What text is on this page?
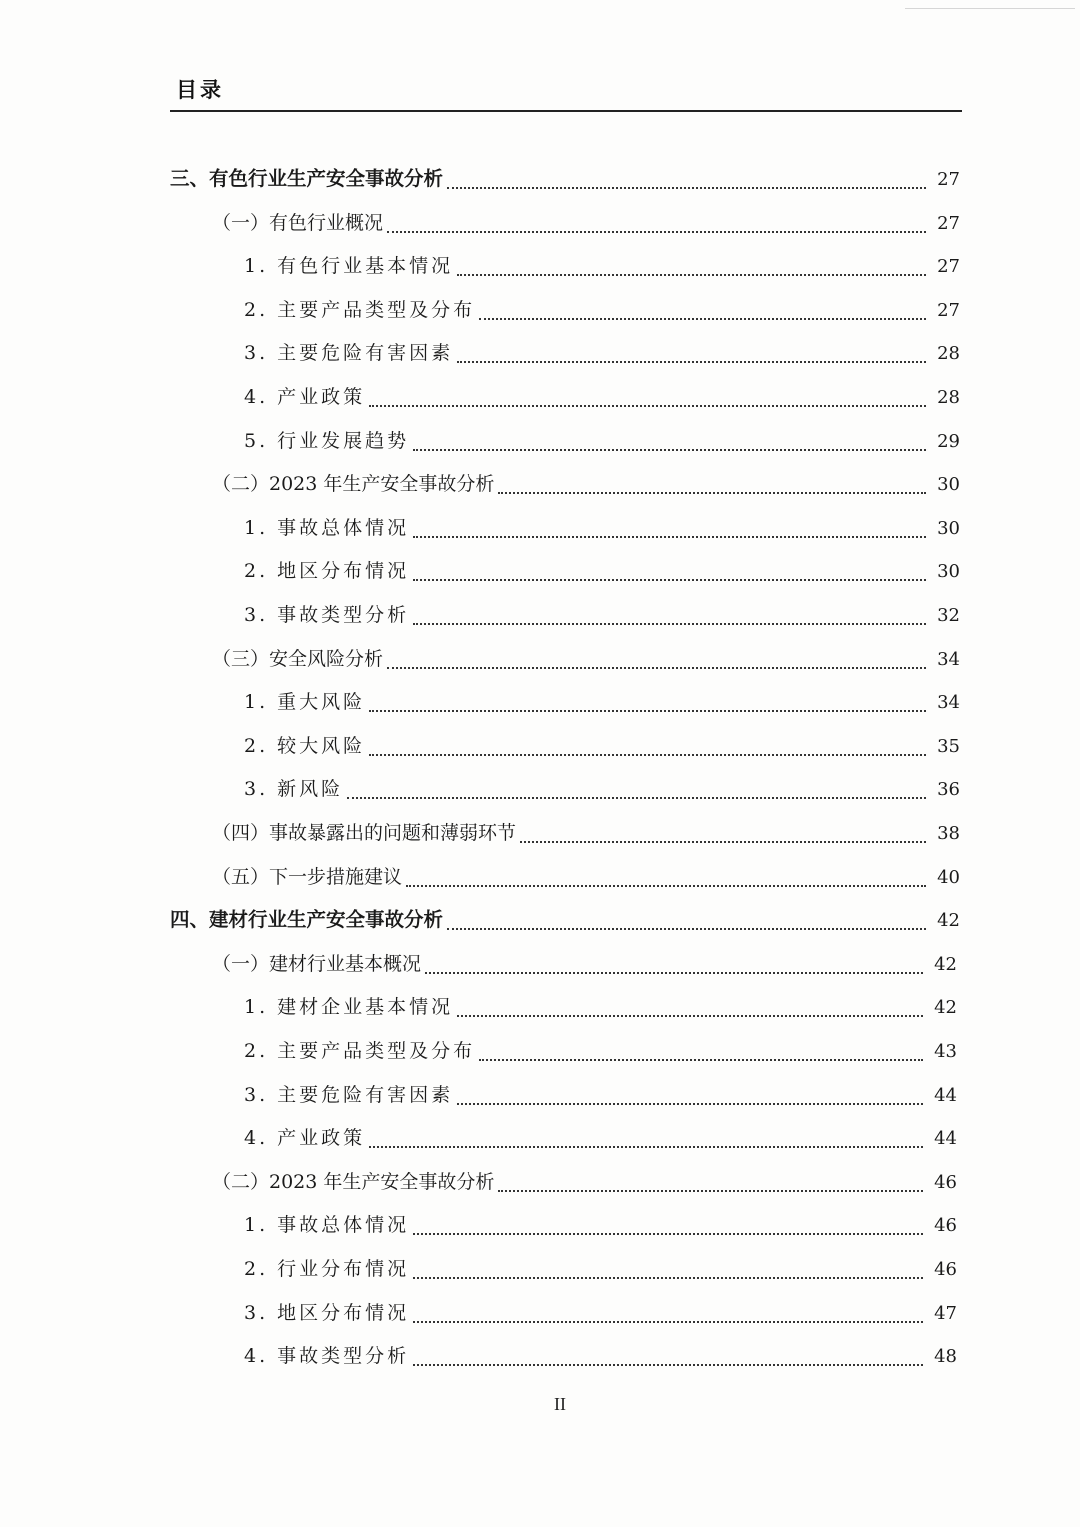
目录
三、有色行业生产安全事故分析	27
（一）有色行业概况	27
1. 有色行业基本情况	27
2. 主要产品类型及分布	27
3. 主要危险有害因素	28
4. 产业政策	28
5. 行业发展趋势	29
（二）2023 年生产安全事故分析	30
1. 事故总体情况	30
2. 地区分布情况	30
3. 事故类型分析	32
（三）安全风险分析	34
1. 重大风险	34
2. 较大风险	35
3. 新风险	36
（四）事故暴露出的问题和薄弱环节	38
（五）下一步措施建议	40
四、建材行业生产安全事故分析	42
（一）建材行业基本概况	42
1. 建材企业基本情况	42
2. 主要产品类型及分布	43
3. 主要危险有害因素	44
4. 产业政策	44
（二）2023 年生产安全事故分析	46
1. 事故总体情况	46
2. 行业分布情况	46
3. 地区分布情况	47
4. 事故类型分析	48
II
